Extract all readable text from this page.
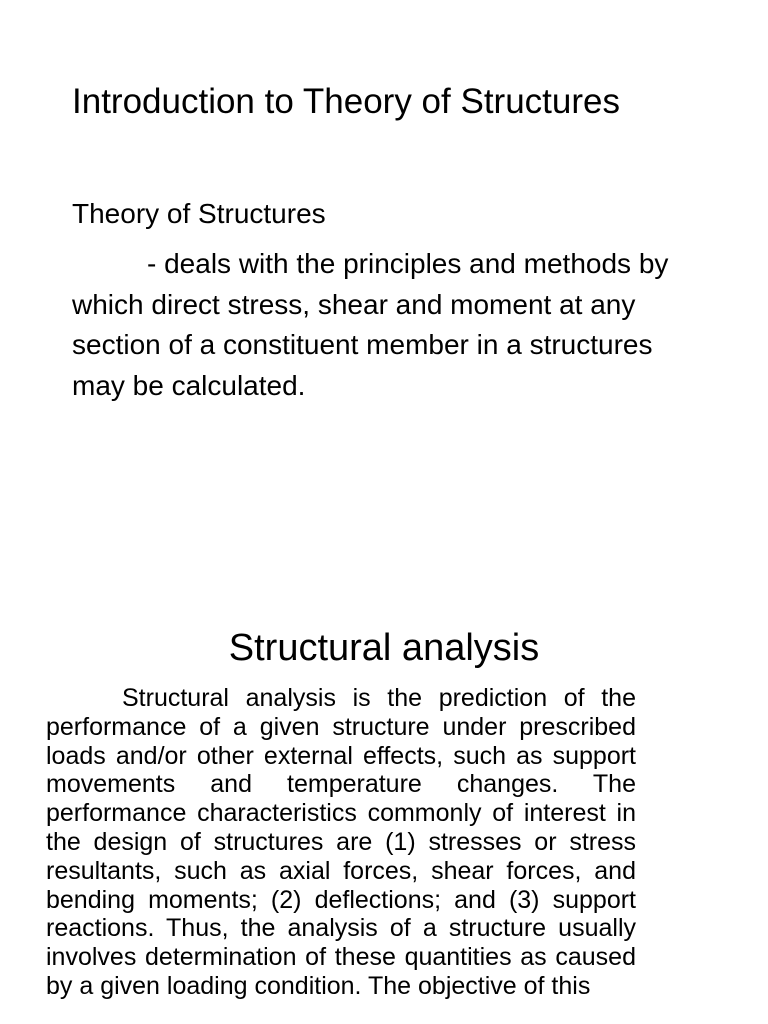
Introduction to Theory of Structures

Theory of Structures

- deals with the principles and methods by which direct stress, shear and moment at any section of a constituent member in a structures may be calculated.

Structural analysis

Structural analysis is the prediction of the performance of a given structure under prescribed loads and/or other external effects, such as support movements and temperature changes. The performance characteristics commonly of interest in the design of structures are (1) stresses or stress resultants, such as axial forces, shear forces, and bending moments; (2) deflections; and (3) support reactions. Thus, the analysis of a structure usually involves determination of these quantities as caused by a given loading condition. The objective of this
